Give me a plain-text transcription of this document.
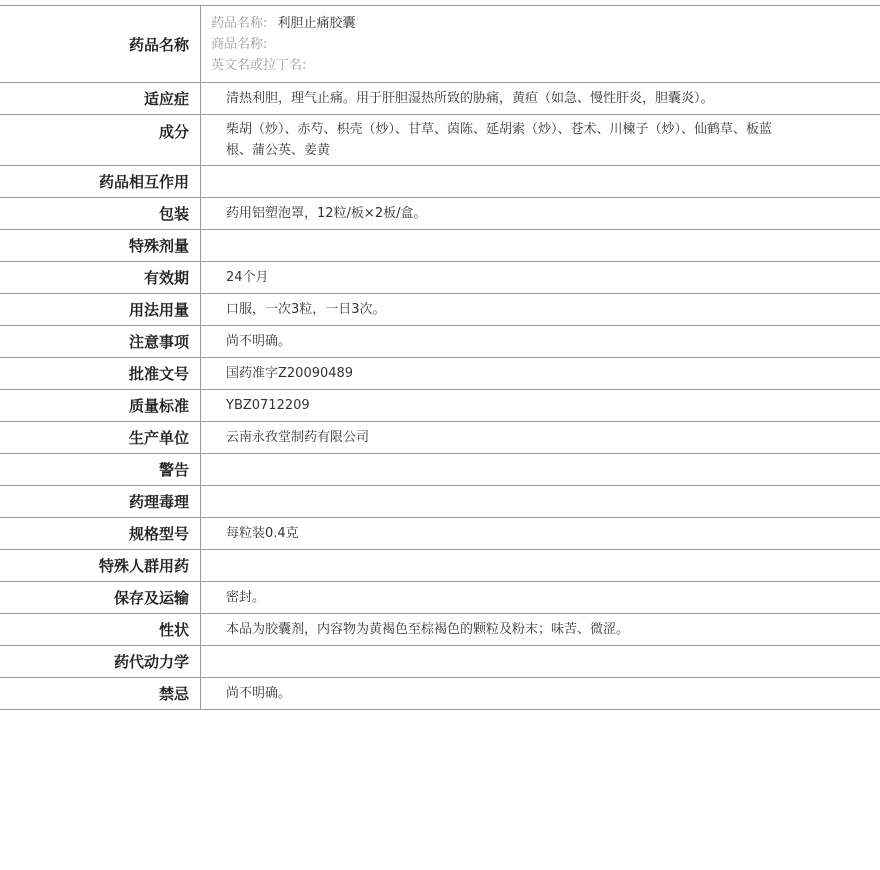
药品名称	药品名称: 利胆止痛胶囊
商品名称:
英文名或拉丁名:

适应症	清热利胆，理气止痛。用于肝胆湿热所致的胁痛，黄疸（如急、慢性肝炎，胆囊炎）。
成分	柴胡（炒）、赤芍、枳壳（炒）、甘草、茵陈、延胡索（炒）、苍术、川楝子（炒）、仙鹤草、板蓝根、蒲公英、姜黄
药品相互作用	
包装	药用铝塑泡罩，12粒/板×2板/盒。
特殊剂量	
有效期	24个月
用法用量	口服，一次3粒，一日3次。
注意事项	尚不明确。
批准文号	国药准字Z20090489
质量标准	YBZ0712209
生产单位	云南永孜堂制药有限公司
警告	
药理毒理	
规格型号	每粒装0.4克
特殊人群用药	
保存及运输	密封。
性状	本品为胶囊剂，内容物为黄褐色至棕褐色的颗粒及粉末；味苦、微涩。
药代动力学	
禁忌	尚不明确。
